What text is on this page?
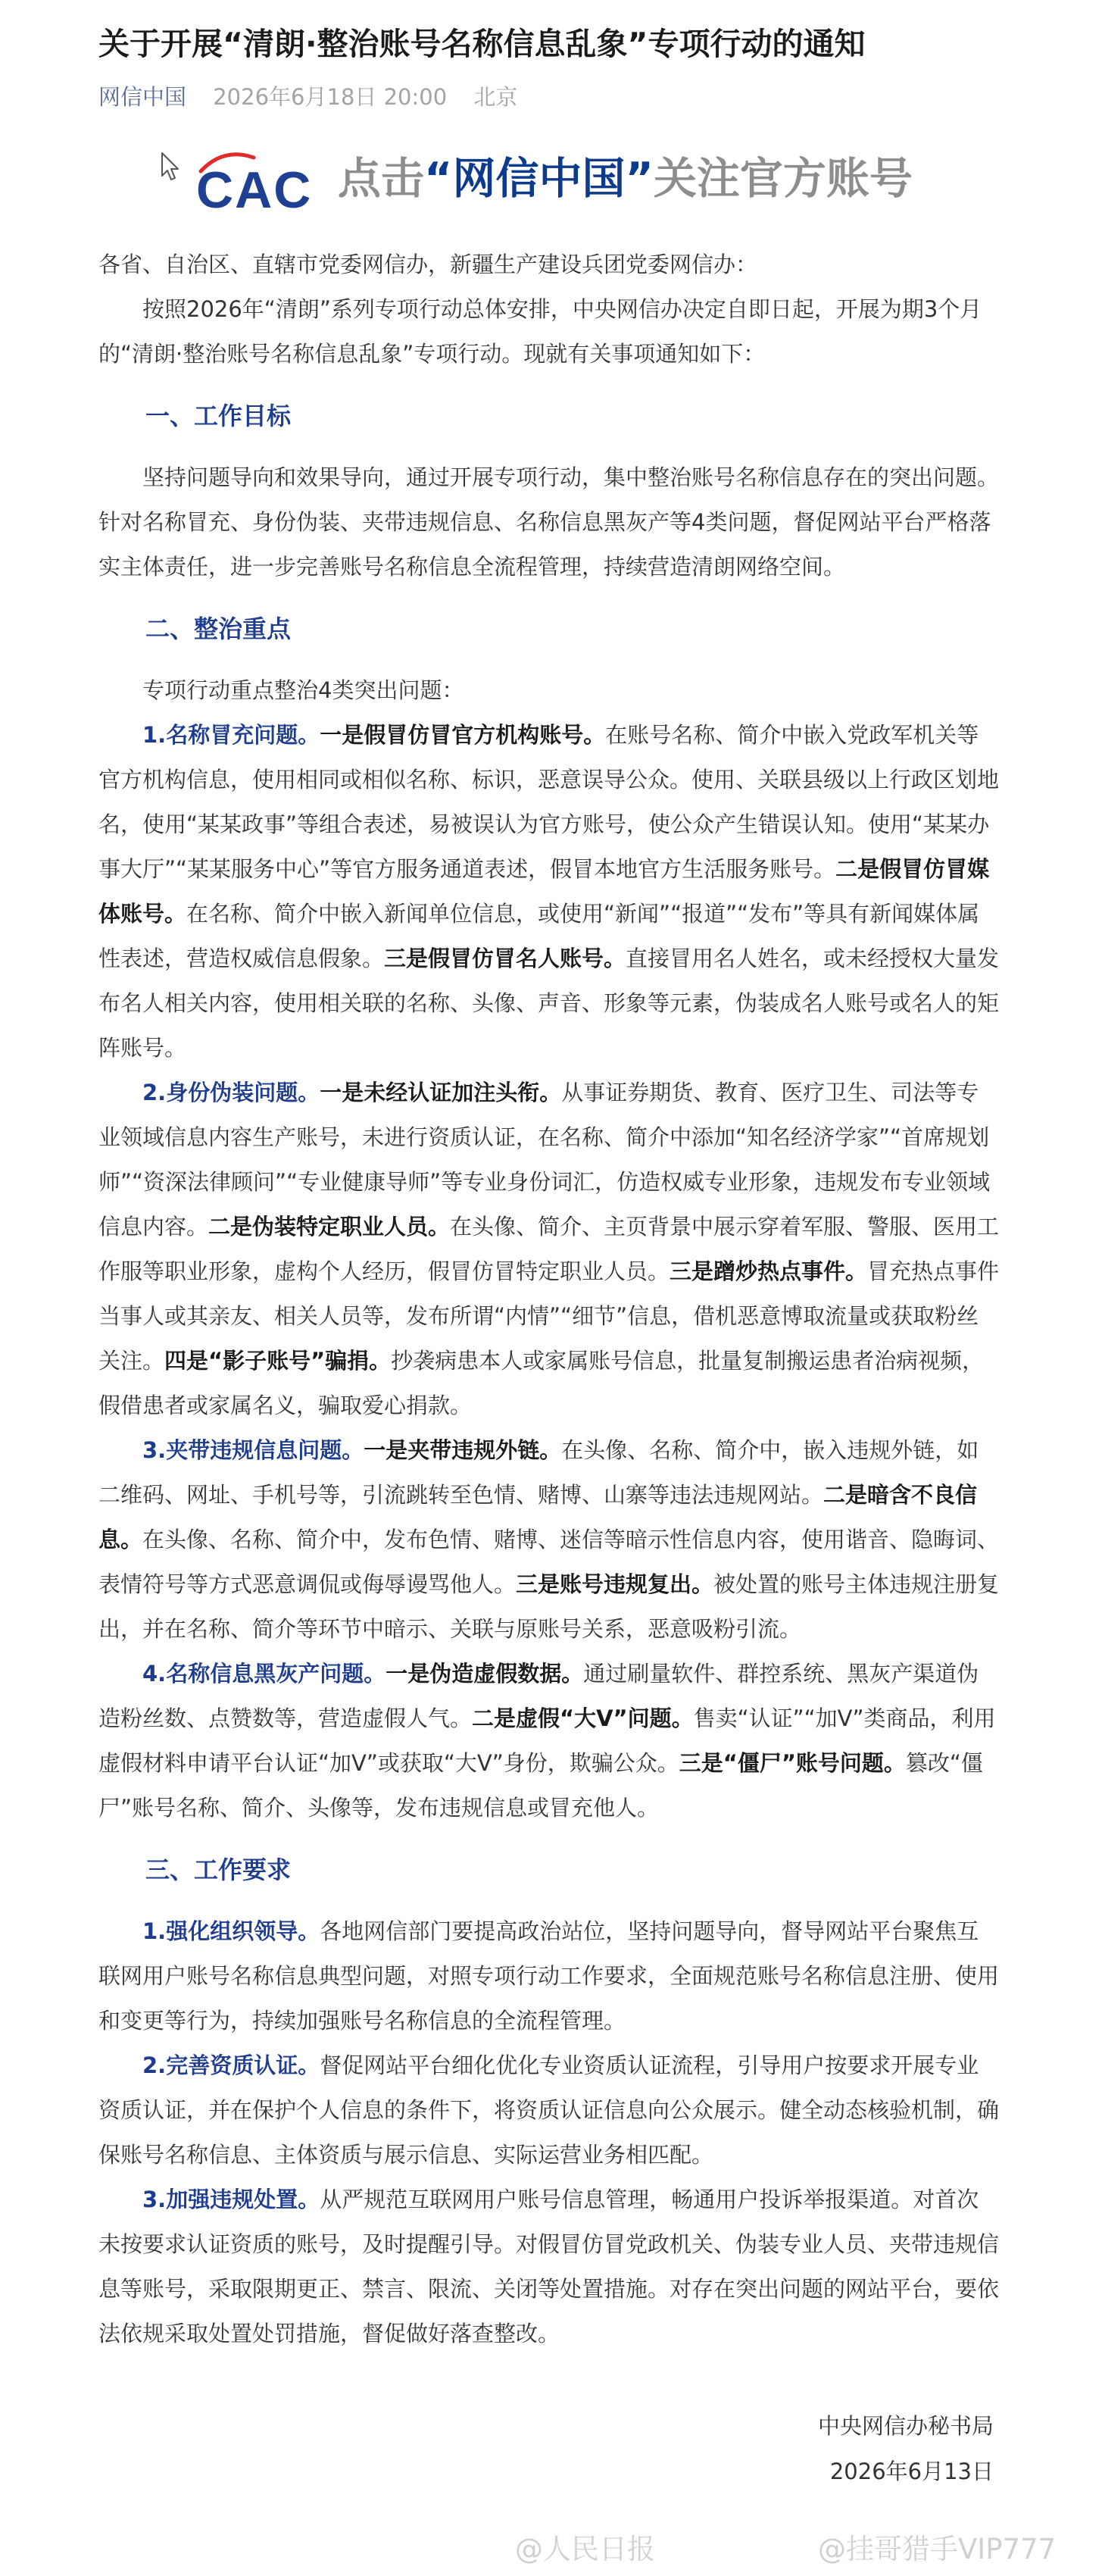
关于开展“清朗·整治账号名称信息乱象”专项行动的通知
网信中国 2026年6月18日 20:00 北京
CAC 点击“网信中国”关注官方账号

各省、自治区、直辖市党委网信办，新疆生产建设兵团党委网信办：

按照2026年“清朗”系列专项行动总体安排，中央网信办决定自即日起，开展为期3个月的“清朗·整治账号名称信息乱象”专项行动。现就有关事项通知如下：

一、工作目标

坚持问题导向和效果导向，通过开展专项行动，集中整治账号名称信息存在的突出问题。针对名称冒充、身份伪装、夹带违规信息、名称信息黑灰产等4类问题，督促网站平台严格落实主体责任，进一步完善账号名称信息全流程管理，持续营造清朗网络空间。

二、整治重点

专项行动重点整治4类突出问题：

1.名称冒充问题。一是假冒仿冒官方机构账号。在账号名称、简介中嵌入党政军机关等官方机构信息，使用相同或相似名称、标识，恶意误导公众。使用、关联县级以上行政区划地名，使用“某某政事”等组合表述，易被误认为官方账号，使公众产生错误认知。使用“某某办事大厅”“某某服务中心”等官方服务通道表述，假冒本地官方生活服务账号。二是假冒仿冒媒体账号。在名称、简介中嵌入新闻单位信息，或使用“新闻”“报道”“发布”等具有新闻媒体属性表述，营造权威信息假象。三是假冒仿冒名人账号。直接冒用名人姓名，或未经授权大量发布名人相关内容，使用相关联的名称、头像、声音、形象等元素，伪装成名人账号或名人的矩阵账号。

2.身份伪装问题。一是未经认证加注头衔。从事证券期货、教育、医疗卫生、司法等专业领域信息内容生产账号，未进行资质认证，在名称、简介中添加“知名经济学家”“首席规划师”“资深法律顾问”“专业健康导师”等专业身份词汇，仿造权威专业形象，违规发布专业领域信息内容。二是伪装特定职业人员。在头像、简介、主页背景中展示穿着军服、警服、医用工作服等职业形象，虚构个人经历，假冒仿冒特定职业人员。三是蹭炒热点事件。冒充热点事件当事人或其亲友、相关人员等，发布所谓“内情”“细节”信息，借机恶意博取流量或获取粉丝关注。四是“影子账号”骗捐。抄袭病患本人或家属账号信息，批量复制搬运患者治病视频，假借患者或家属名义，骗取爱心捐款。

3.夹带违规信息问题。一是夹带违规外链。在头像、名称、简介中，嵌入违规外链，如二维码、网址、手机号等，引流跳转至色情、赌博、山寨等违法违规网站。二是暗含不良信息。在头像、名称、简介中，发布色情、赌博、迷信等暗示性信息内容，使用谐音、隐晦词、表情符号等方式恶意调侃或侮辱谩骂他人。三是账号违规复出。被处置的账号主体违规注册复出，并在名称、简介等环节中暗示、关联与原账号关系，恶意吸粉引流。

4.名称信息黑灰产问题。一是伪造虚假数据。通过刷量软件、群控系统、黑灰产渠道伪造粉丝数、点赞数等，营造虚假人气。二是虚假“大V”问题。售卖“认证”“加V”类商品，利用虚假材料申请平台认证“加V”或获取“大V”身份，欺骗公众。三是“僵尸”账号问题。篡改“僵尸”账号名称、简介、头像等，发布违规信息或冒充他人。

三、工作要求

1.强化组织领导。各地网信部门要提高政治站位，坚持问题导向，督导网站平台聚焦互联网用户账号名称信息典型问题，对照专项行动工作要求，全面规范账号名称信息注册、使用和变更等行为，持续加强账号名称信息的全流程管理。

2.完善资质认证。督促网站平台细化优化专业资质认证流程，引导用户按要求开展专业资质认证，并在保护个人信息的条件下，将资质认证信息向公众展示。健全动态核验机制，确保账号名称信息、主体资质与展示信息、实际运营业务相匹配。

3.加强违规处置。从严规范互联网用户账号信息管理，畅通用户投诉举报渠道。对首次未按要求认证资质的账号，及时提醒引导。对假冒仿冒党政机关、伪装专业人员、夹带违规信息等账号，采取限期更正、禁言、限流、关闭等处置措施。对存在突出问题的网站平台，要依法依规采取处置处罚措施，督促做好落查整改。

中央网信办秘书局
2026年6月13日
@人民日报	@挂哥猎手VIP777
